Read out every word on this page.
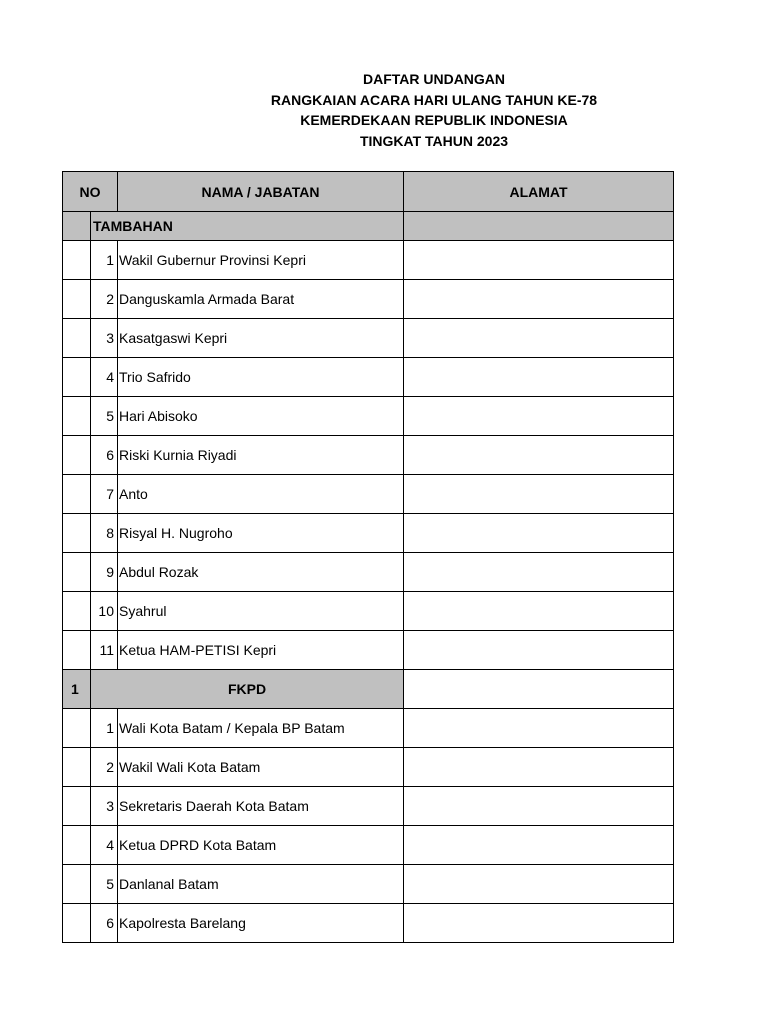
DAFTAR UNDANGAN
RANGKAIAN ACARA HARI ULANG TAHUN KE-78
KEMERDEKAAN REPUBLIK INDONESIA
TINGKAT TAHUN 2023
NO		NAMA / JABATAN	ALAMAT
	TAMBAHAN		
	1	Wakil Gubernur Provinsi Kepri	
	2	Danguskamla Armada Barat	
	3	Kasatgaswi Kepri	
	4	Trio Safrido	
	5	Hari Abisoko	
	6	Riski Kurnia Riyadi	
	7	Anto	
	8	Risyal H. Nugroho	
	9	Abdul Rozak	
	10	Syahrul	
	11	Ketua HAM-PETISI Kepri	
1	FKPD		
	1	Wali Kota Batam / Kepala BP Batam	
	2	Wakil Wali Kota Batam	
	3	Sekretaris Daerah Kota Batam	
	4	Ketua DPRD Kota Batam	
	5	Danlanal Batam	
	6	Kapolresta Barelang	
